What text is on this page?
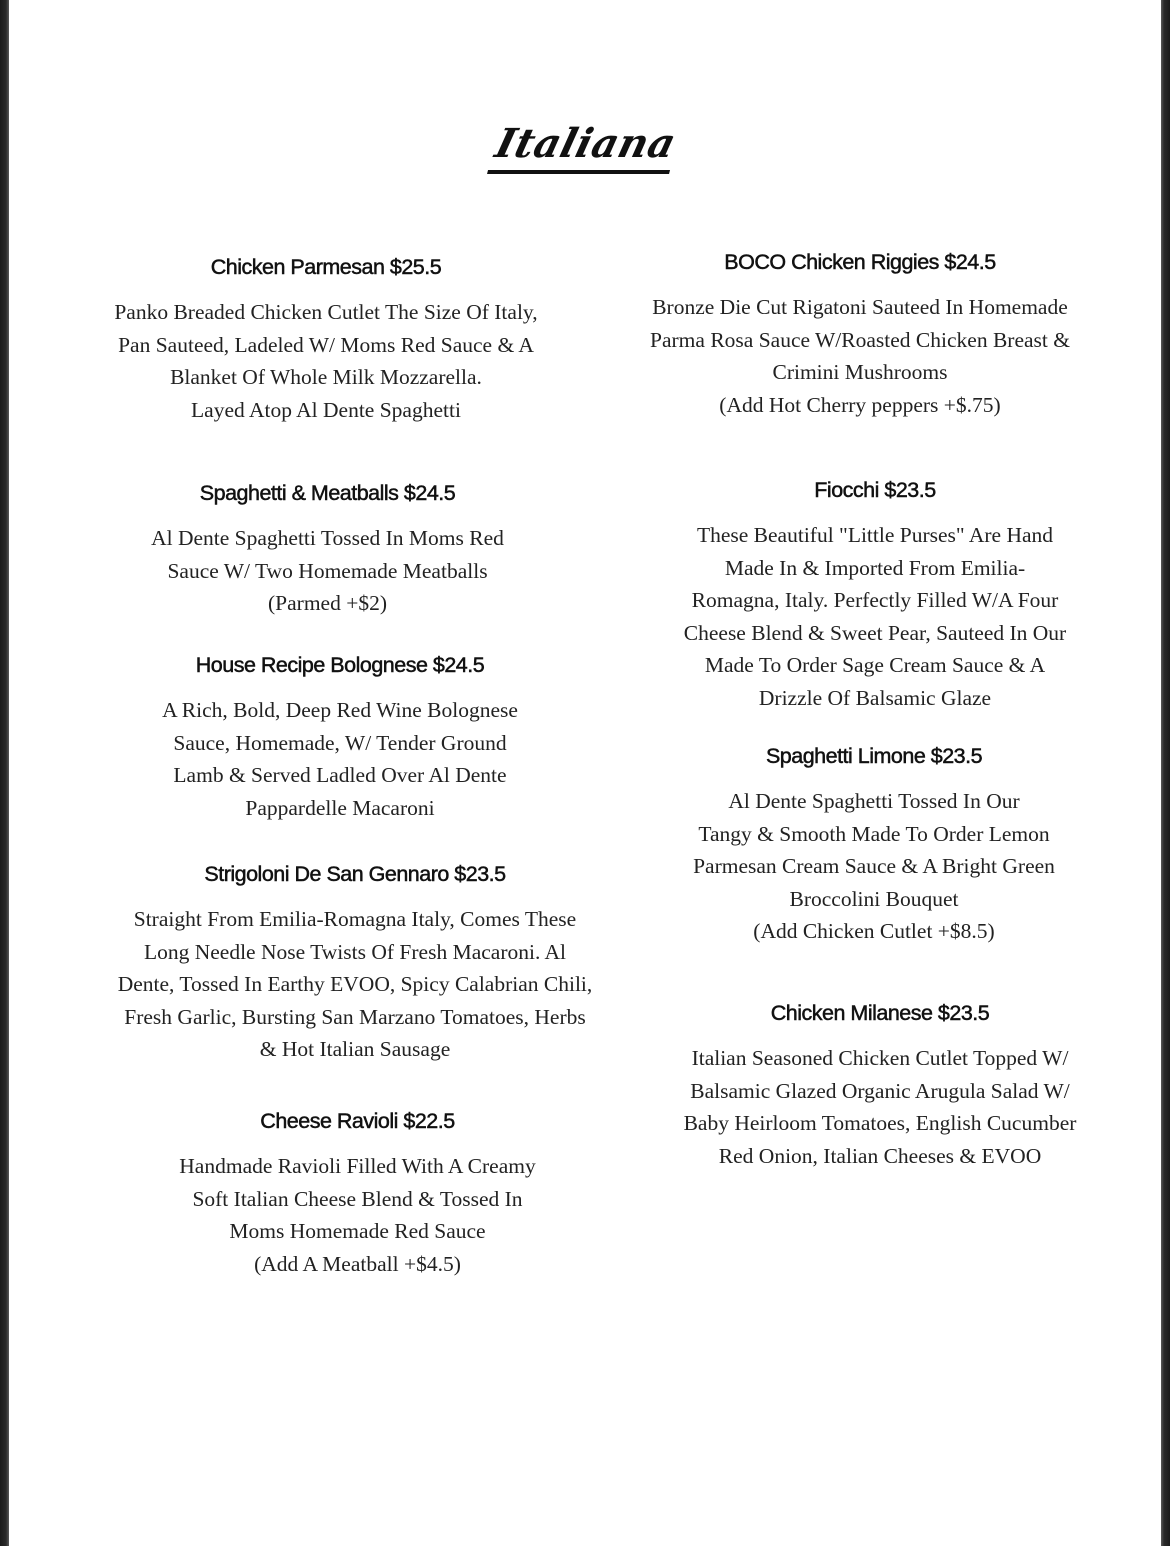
Italiana
Chicken Parmesan $25.5
Panko Breaded Chicken Cutlet The Size Of Italy,
Pan Sauteed, Ladeled W/ Moms Red Sauce & A
Blanket Of Whole Milk Mozzarella.
Layed Atop Al Dente Spaghetti
Spaghetti & Meatballs $24.5
Al Dente Spaghetti Tossed In Moms Red
Sauce W/ Two Homemade Meatballs
(Parmed +$2)
House Recipe Bolognese $24.5
A Rich, Bold, Deep Red Wine Bolognese
Sauce, Homemade, W/ Tender Ground
Lamb & Served Ladled Over Al Dente
Pappardelle Macaroni
Strigoloni De San Gennaro $23.5
Straight From Emilia-Romagna Italy, Comes These
Long Needle Nose Twists Of Fresh Macaroni. Al
Dente, Tossed In Earthy EVOO, Spicy Calabrian Chili,
Fresh Garlic, Bursting San Marzano Tomatoes, Herbs
& Hot Italian Sausage
Cheese Ravioli $22.5
Handmade Ravioli Filled With A Creamy
Soft Italian Cheese Blend & Tossed In
Moms Homemade Red Sauce
(Add A Meatball +$4.5)
BOCO Chicken Riggies $24.5
Bronze Die Cut Rigatoni Sauteed In Homemade
Parma Rosa Sauce W/Roasted Chicken Breast &
Crimini Mushrooms
(Add Hot Cherry peppers +$.75)
Fiocchi $23.5
These Beautiful "Little Purses" Are Hand
Made In & Imported From Emilia-
Romagna, Italy. Perfectly Filled W/A Four
Cheese Blend & Sweet Pear, Sauteed In Our
Made To Order Sage Cream Sauce & A
Drizzle Of Balsamic Glaze
Spaghetti Limone $23.5
Al Dente Spaghetti Tossed In Our
Tangy & Smooth Made To Order Lemon
Parmesan Cream Sauce & A Bright Green
Broccolini Bouquet
(Add Chicken Cutlet +$8.5)
Chicken Milanese $23.5
Italian Seasoned Chicken Cutlet Topped W/
Balsamic Glazed Organic Arugula Salad W/
Baby Heirloom Tomatoes, English Cucumber
Red Onion, Italian Cheeses & EVOO
